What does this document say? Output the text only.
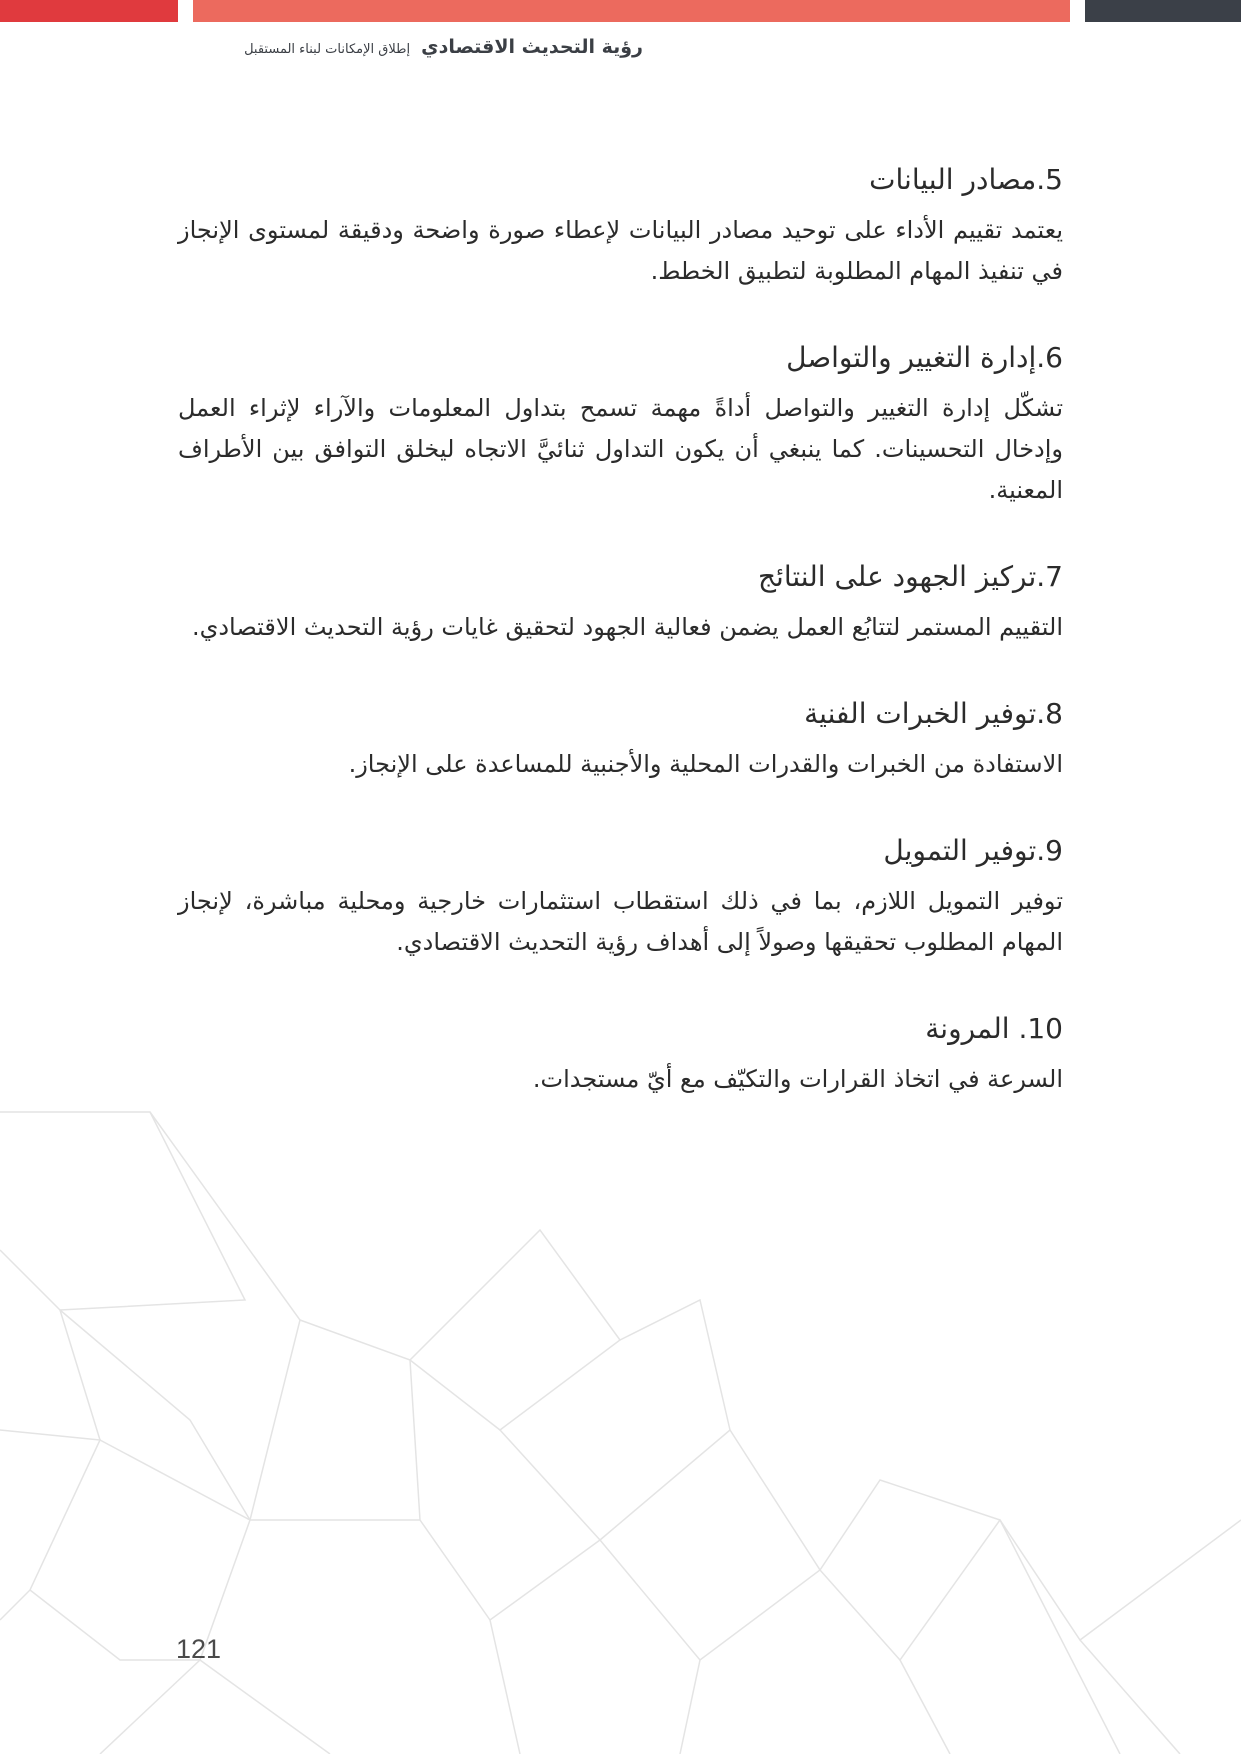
رؤية التحديث الاقتصادي إطلاق الإمكانات لبناء المستقبل
5.مصادر البيانات

يعتمد تقييم الأداء على توحيد مصادر البيانات لإعطاء صورة واضحة ودقيقة لمستوى الإنجاز في تنفيذ المهام المطلوبة لتطبيق الخطط.

6.إدارة التغيير والتواصل

تشكّل إدارة التغيير والتواصل أداةً مهمة تسمح بتداول المعلومات والآراء لإثراء العمل وإدخال التحسينات. كما ينبغي أن يكون التداول ثنائيَّ الاتجاه ليخلق التوافق بين الأطراف المعنية.

7.تركيز الجهود على النتائج

التقييم المستمر لتتابُع العمل يضمن فعالية الجهود لتحقيق غايات رؤية التحديث الاقتصادي.

8.توفير الخبرات الفنية

الاستفادة من الخبرات والقدرات المحلية والأجنبية للمساعدة على الإنجاز.

9.توفير التمويل

توفير التمويل اللازم، بما في ذلك استقطاب استثمارات خارجية ومحلية مباشرة، لإنجاز المهام المطلوب تحقيقها وصولاً إلى أهداف رؤية التحديث الاقتصادي.

10. المرونة

السرعة في اتخاذ القرارات والتكيّف مع أيّ مستجدات.

121
